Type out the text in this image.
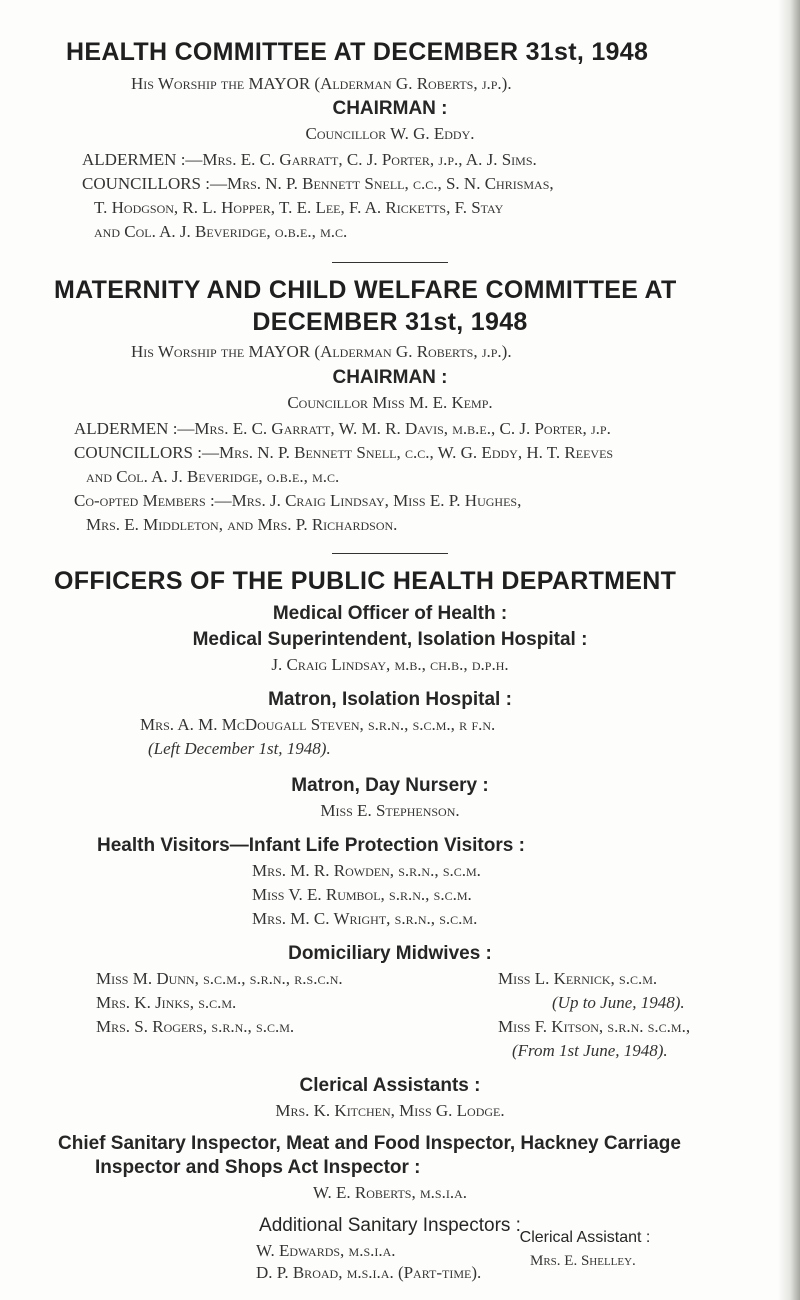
HEALTH COMMITTEE AT DECEMBER 31st, 1948
His Worship the MAYOR (Alderman G. Roberts, j.p.).
CHAIRMAN :
Councillor W. G. Eddy.
ALDERMEN :—Mrs. E. C. Garratt, C. J. Porter, j.p., A. J. Sims.
COUNCILLORS :—Mrs. N. P. Bennett Snell, c.c., S. N. Chrismas,
T. Hodgson, R. L. Hopper, T. E. Lee, F. A. Ricketts, F. Stay
and Col. A. J. Beveridge, o.b.e., m.c.
MATERNITY AND CHILD WELFARE COMMITTEE AT
DECEMBER 31st, 1948
His Worship the MAYOR (Alderman G. Roberts, j.p.).
CHAIRMAN :
Councillor Miss M. E. Kemp.
ALDERMEN :—Mrs. E. C. Garratt, W. M. R. Davis, m.b.e., C. J. Porter, j.p.
COUNCILLORS :—Mrs. N. P. Bennett Snell, c.c., W. G. Eddy, H. T. Reeves
and Col. A. J. Beveridge, o.b.e., m.c.
Co-opted Members :—Mrs. J. Craig Lindsay, Miss E. P. Hughes,
Mrs. E. Middleton, and Mrs. P. Richardson.
OFFICERS OF THE PUBLIC HEALTH DEPARTMENT
Medical Officer of Health :
Medical Superintendent, Isolation Hospital :
J. Craig Lindsay, m.b., ch.b., d.p.h.
Matron, Isolation Hospital :
Mrs. A. M. McDougall Steven, s.r.n., s.c.m., r f.n.
(Left December 1st, 1948).
Matron, Day Nursery :
Miss E. Stephenson.
Health Visitors—Infant Life Protection Visitors :
Mrs. M. R. Rowden, s.r.n., s.c.m.
Miss V. E. Rumbol, s.r.n., s.c.m.
Mrs. M. C. Wright, s.r.n., s.c.m.
Domiciliary Midwives :
Miss M. Dunn, s.c.m., s.r.n., r.s.c.n.
Mrs. K. Jinks, s.c.m.
Mrs. S. Rogers, s.r.n., s.c.m.
Miss L. Kernick, s.c.m.
(Up to June, 1948).
Miss F. Kitson, s.r.n. s.c.m.,
(From 1st June, 1948).
Clerical Assistants :
Mrs. K. Kitchen, Miss G. Lodge.
Chief Sanitary Inspector, Meat and Food Inspector, Hackney Carriage
Inspector and Shops Act Inspector :
W. E. Roberts, m.s.i.a.
Additional Sanitary Inspectors :
W. Edwards, m.s.i.a.
D. P. Broad, m.s.i.a. (Part-time).
Clerical Assistant :
Mrs. E. Shelley.
